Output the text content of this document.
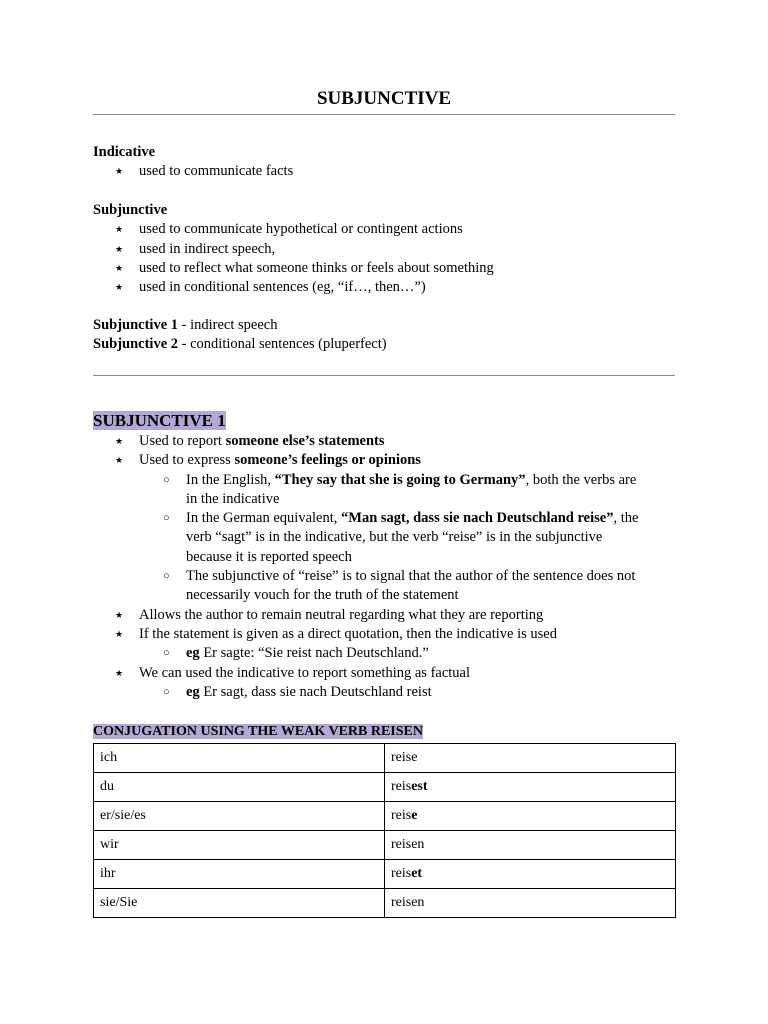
SUBJUNCTIVE
Indicative
★ used to communicate facts
Subjunctive
★ used to communicate hypothetical or contingent actions
★ used in indirect speech,
★ used to reflect what someone thinks or feels about something
★ used in conditional sentences (eg, “if…, then…”)
Subjunctive 1 - indirect speech
Subjunctive 2 - conditional sentences (pluperfect)
SUBJUNCTIVE 1
★ Used to report someone else’s statements
★ Used to express someone’s feelings or opinions
○ In the English, “They say that she is going to Germany”, both the verbs are
in the indicative
○ In the German equivalent, “Man sagt, dass sie nach Deutschland reise”, the
verb “sagt” is in the indicative, but the verb “reise” is in the subjunctive
because it is reported speech
○ The subjunctive of “reise” is to signal that the author of the sentence does not
necessarily vouch for the truth of the statement
★ Allows the author to remain neutral regarding what they are reporting
★ If the statement is given as a direct quotation, then the indicative is used
○ eg Er sagte: “Sie reist nach Deutschland.”
★ We can used the indicative to report something as factual
○ eg Er sagt, dass sie nach Deutschland reist
CONJUGATION USING THE WEAK VERB REISEN
ich	reise
du	reisest
er/sie/es	reise
wir	reisen
ihr	reiset
sie/Sie	reisen
